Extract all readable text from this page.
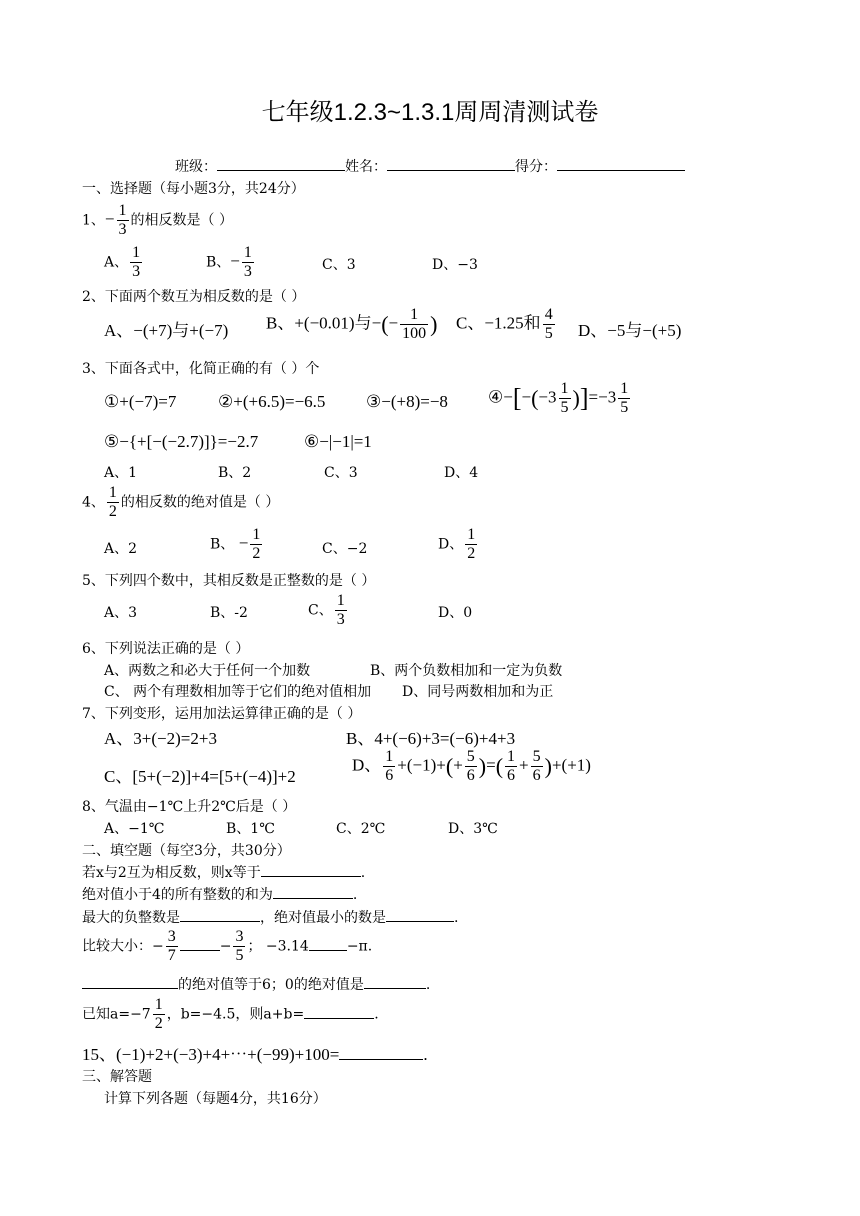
七年级1.2.3~1.3.1周周清测试卷
班级：	姓名：	得分：
一、选择题（每小题3分，共24分）
1、− $\frac{1}{3}$ 的相反数是（ ）
A、 $\frac{1}{3}$	B、− $\frac{1}{3}$	C、3	D、−3
2、下面两个数互为相反数的是（ ）
A、−(+7)与+(−7) B、+(−0.01)与−(− $\frac{1}{100}$ ) C、−1.25和 $\frac{4}{5}$ D、−5与−(+5)
3、下面各式中，化简正确的有（ ）个
①+(−7)=7 ②+(+6.5)=−6.5 ③−(+8)=−8 ④−[−(−3 $\frac{1}{5} )]=-3 \frac{1}{5}$
⑤−{+[−(−2.7)]}=−2.7	⑥−|−1|=1
A、1	B、2	C、3	D、4
4、 $\frac{1}{2}$ 的相反数的绝对值是（ ）
A、2	B、 − $\frac{1}{2}$	C、−2	D、 $\frac{1}{2}$
5、下列四个数中，其相反数是正整数的是（ ）
A、3	B、-2	C、 $\frac{1}{3}$	D、0
6、下列说法正确的是（ ）
A、两数之和必大于任何一个加数	B、两个负数相加和一定为负数
C、 两个有理数相加等于它们的绝对值相加 D、同号两数相加和为正
7、下列变形，运用加法运算律正确的是（ ）
A、3+(−2)=2+3	B、4+(−6)+3=(−6)+4+3
C、[5+(−2)]+4=[5+(−4)]+2
D、 $\frac{1}{6} +(-1)+(+ \frac{5}{6}$ )=( $\frac{1}{6} + \frac{5}{6} )+(+1)$
8、气温由−1℃上升2℃后是（ ）
A、−1℃	B、1℃	C、2℃	D、3℃
二、填空题（每空3分，共30分）
若x与2互为相反数，则x等于	.
绝对值小于4的所有整数的和为	.
最大的负整数是	，绝对值最小的数是	.
比较大小：− $\frac{3}{7}$	− $\frac{3}{5}$ ； −3.14	−π.
的绝对值等于6；0的绝对值是	.
已知$a=-7 \frac{1}{2}$ ，b=−4.5，则a+b=	.
15、(−1)+2+(−3)+4+⋯+(−99)+100=	.
三、解答题
计算下列各题（每题4分，共16分）
